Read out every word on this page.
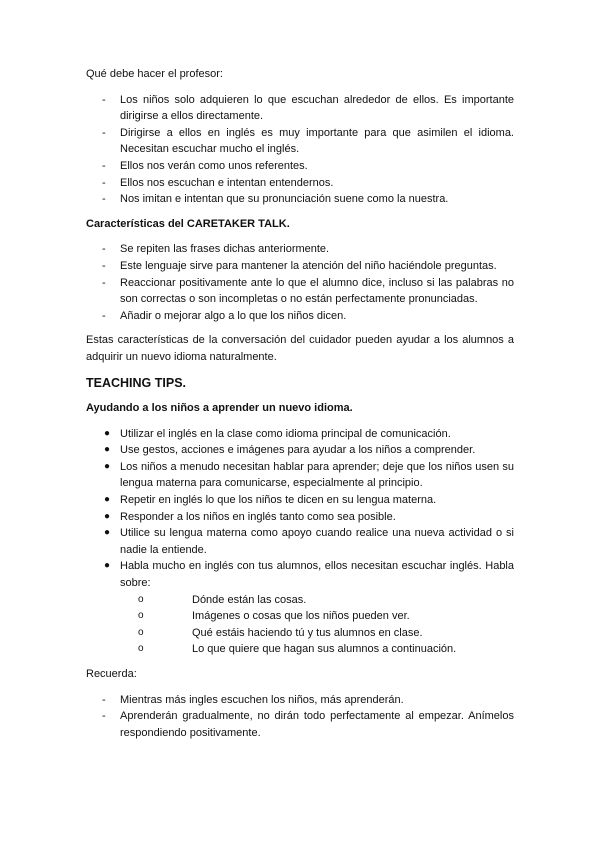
Qué debe hacer el profesor:

- Los niños solo adquieren lo que escuchan alrededor de ellos. Es importante dirigirse a ellos directamente.
- Dirigirse a ellos en inglés es muy importante para que asimilen el idioma. Necesitan escuchar mucho el inglés.
- Ellos nos verán como unos referentes.
- Ellos nos escuchan e intentan entendernos.
- Nos imitan e intentan que su pronunciación suene como la nuestra.

Características del CARETAKER TALK.

- Se repiten las frases dichas anteriormente.
- Este lenguaje sirve para mantener la atención del niño haciéndole preguntas.
- Reaccionar positivamente ante lo que el alumno dice, incluso si las palabras no son correctas o son incompletas o no están perfectamente pronunciadas.
- Añadir o mejorar algo a lo que los niños dicen.

Estas características de la conversación del cuidador pueden ayudar a los alumnos a adquirir un nuevo idioma naturalmente.

TEACHING TIPS.

Ayudando a los niños a aprender un nuevo idioma.

● Utilizar el inglés en la clase como idioma principal de comunicación.
● Use gestos, acciones e imágenes para ayudar a los niños a comprender.
● Los niños a menudo necesitan hablar para aprender; deje que los niños usen su lengua materna para comunicarse, especialmente al principio.
● Repetir en inglés lo que los niños te dicen en su lengua materna.
● Responder a los niños en inglés tanto como sea posible.
● Utilice su lengua materna como apoyo cuando realice una nueva actividad o si nadie la entiende.
● Habla mucho en inglés con tus alumnos, ellos necesitan escuchar inglés. Habla sobre:
o	Dónde están las cosas.
o	Imágenes o cosas que los niños pueden ver.
o	Qué estáis haciendo tú y tus alumnos en clase.
o	Lo que quiere que hagan sus alumnos a continuación.

Recuerda:

- Mientras más ingles escuchen los niños, más aprenderán.
- Aprenderán gradualmente, no dirán todo perfectamente al empezar. Anímelos respondiendo positivamente.
